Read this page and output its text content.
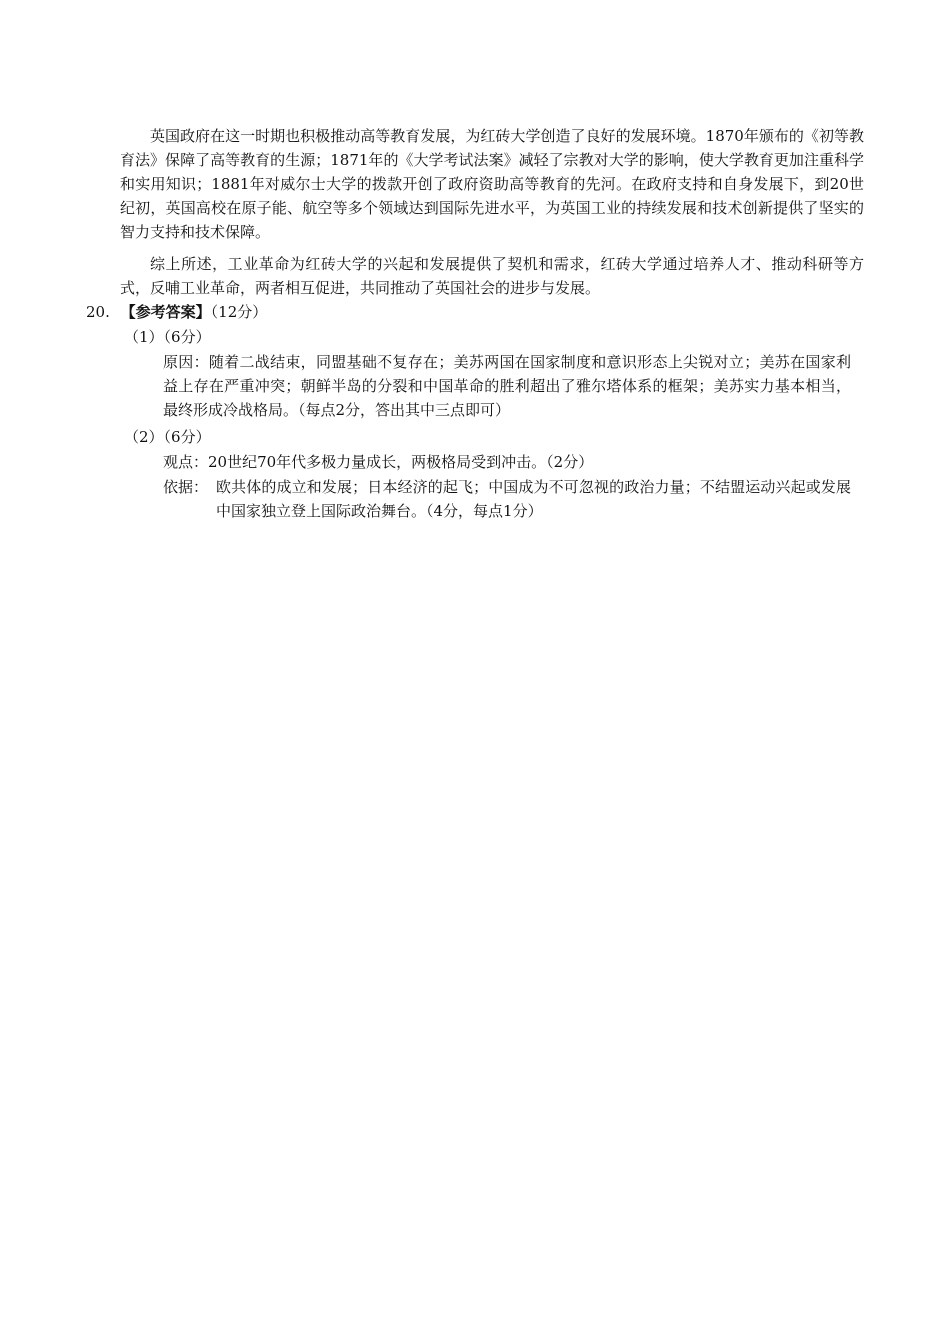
英国政府在这一时期也积极推动高等教育发展，为红砖大学创造了良好的发展环境。1870年颁布的《初等教育法》保障了高等教育的生源；1871年的《大学考试法案》减轻了宗教对大学的影响，使大学教育更加注重科学和实用知识；1881年对威尔士大学的拨款开创了政府资助高等教育的先河。在政府支持和自身发展下，到20世纪初，英国高校在原子能、航空等多个领域达到国际先进水平，为英国工业的持续发展和技术创新提供了坚实的智力支持和技术保障。

综上所述，工业革命为红砖大学的兴起和发展提供了契机和需求，红砖大学通过培养人才、推动科研等方式，反哺工业革命，两者相互促进，共同推动了英国社会的进步与发展。

20. 【参考答案】（12分）
（1）（6分）

原因：随着二战结束，同盟基础不复存在；美苏两国在国家制度和意识形态上尖锐对立；美苏在国家利益上存在严重冲突；朝鲜半岛的分裂和中国革命的胜利超出了雅尔塔体系的框架；美苏实力基本相当，最终形成冷战格局。（每点2分，答出其中三点即可）

（2）（6分）
观点：20世纪70年代多极力量成长，两极格局受到冲击。（2分）
依据： 欧共体的成立和发展；日本经济的起飞；中国成为不可忽视的政治力量；不结盟运动兴起或发展中国家独立登上国际政治舞台。（4分，每点1分）
